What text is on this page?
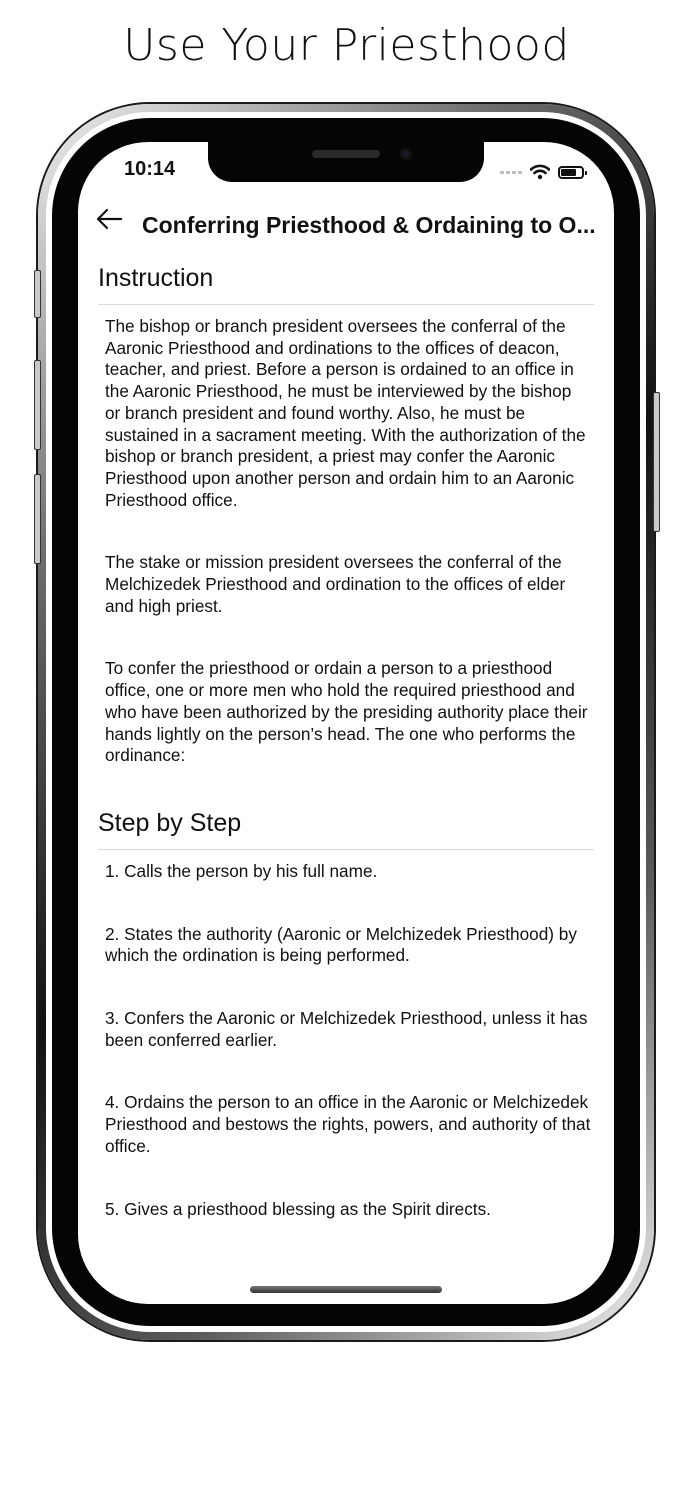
Use Your Priesthood
10:14
Conferring Priesthood & Ordaining to O...
Instruction

The bishop or branch president oversees the conferral of the Aaronic Priesthood and ordinations to the offices of deacon, teacher, and priest. Before a person is ordained to an office in the Aaronic Priesthood, he must be interviewed by the bishop or branch president and found worthy. Also, he must be sustained in a sacrament meeting. With the authorization of the bishop or branch president, a priest may confer the Aaronic Priesthood upon another person and ordain him to an Aaronic Priesthood office.

The stake or mission president oversees the conferral of the Melchizedek Priesthood and ordination to the offices of elder and high priest.

To confer the priesthood or ordain a person to a priesthood office, one or more men who hold the required priesthood and who have been authorized by the presiding authority place their hands lightly on the person’s head. The one who performs the ordinance:

Step by Step

1. Calls the person by his full name.

2. States the authority (Aaronic or Melchizedek Priesthood) by which the ordination is being performed.

3. Confers the Aaronic or Melchizedek Priesthood, unless it has been conferred earlier.

4. Ordains the person to an office in the Aaronic or Melchizedek Priesthood and bestows the rights, powers, and authority of that office.

5. Gives a priesthood blessing as the Spirit directs.
